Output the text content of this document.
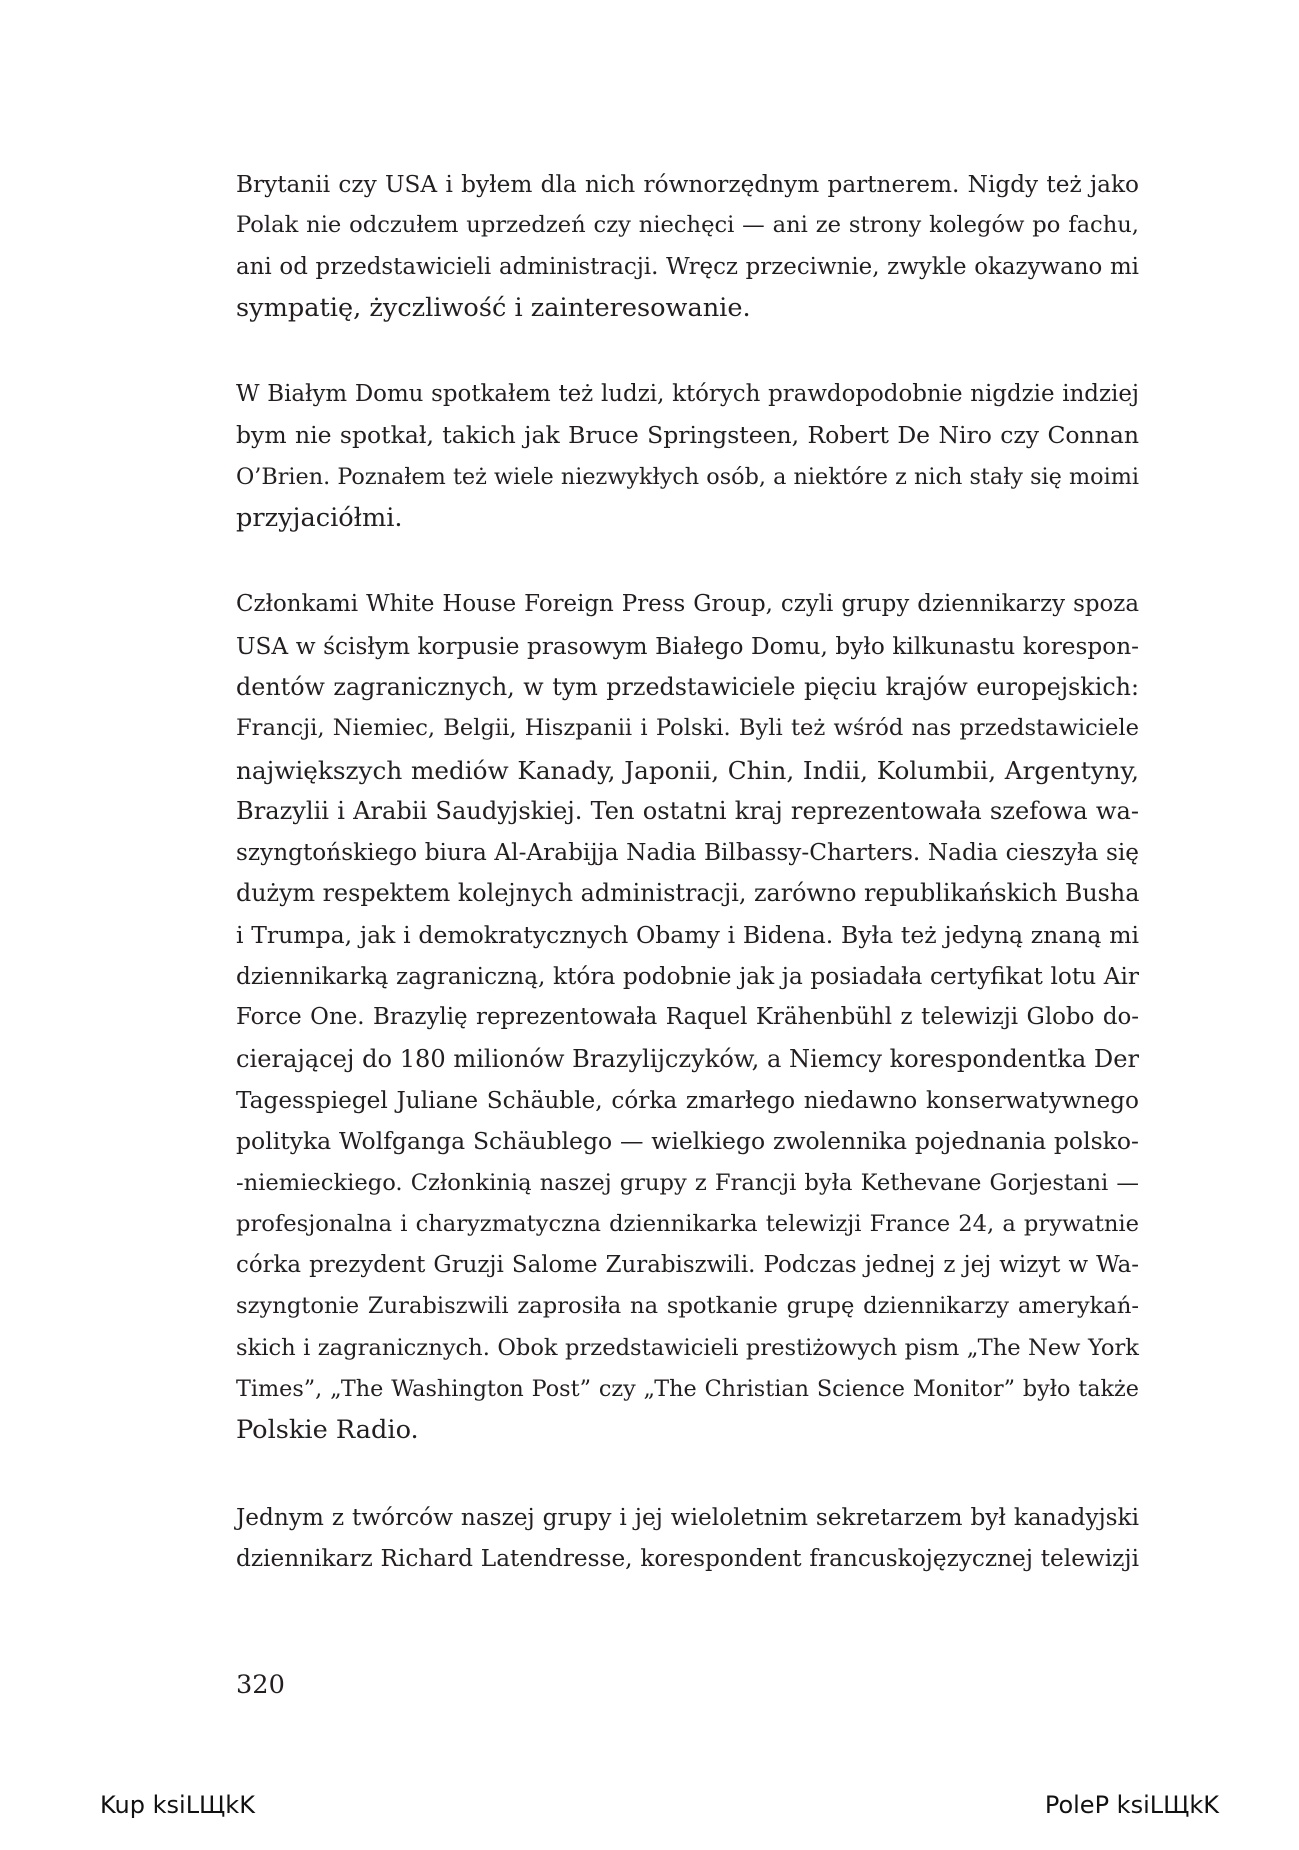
Brytanii czy USA i byłem dla nich równorzędnym partnerem. Nigdy też jako
Polak nie odczułem uprzedzeń czy niechęci — ani ze strony kolegów po fachu,
ani od przedstawicieli administracji. Wręcz przeciwnie, zwykle okazywano mi
sympatię, życzliwość i zainteresowanie.
W Białym Domu spotkałem też ludzi, których prawdopodobnie nigdzie indziej
bym nie spotkał, takich jak Bruce Springsteen, Robert De Niro czy Connan
O’Brien. Poznałem też wiele niezwykłych osób, a niektóre z nich stały się moimi
przyjaciółmi.
Członkami White House Foreign Press Group, czyli grupy dziennikarzy spoza
USA w ścisłym korpusie prasowym Białego Domu, było kilkunastu korespon-
dentów zagranicznych, w tym przedstawiciele pięciu krajów europejskich:
Francji, Niemiec, Belgii, Hiszpanii i Polski. Byli też wśród nas przedstawiciele
największych mediów Kanady, Japonii, Chin, Indii, Kolumbii, Argentyny,
Brazylii i Arabii Saudyjskiej. Ten ostatni kraj reprezentowała szefowa wa-
szyngtońskiego biura Al-Arabijja Nadia Bilbassy-Charters. Nadia cieszyła się
dużym respektem kolejnych administracji, zarówno republikańskich Busha
i Trumpa, jak i demokratycznych Obamy i Bidena. Była też jedyną znaną mi
dziennikarką zagraniczną, która podobnie jak ja posiadała certyfikat lotu Air
Force One. Brazylię reprezentowała Raquel Krähenbühl z telewizji Globo do-
cierającej do 180 milionów Brazylijczyków, a Niemcy korespondentka Der
Tagesspiegel Juliane Schäuble, córka zmarłego niedawno konserwatywnego
polityka Wolfganga Schäublego — wielkiego zwolennika pojednania polsko-
-niemieckiego. Członkinią naszej grupy z Francji była Kethevane Gorjestani —
profesjonalna i charyzmatyczna dziennikarka telewizji France 24, a prywatnie
córka prezydent Gruzji Salome Zurabiszwili. Podczas jednej z jej wizyt w Wa-
szyngtonie Zurabiszwili zaprosiła na spotkanie grupę dziennikarzy amerykań-
skich i zagranicznych. Obok przedstawicieli prestiżowych pism „The New York
Times”, „The Washington Post” czy „The Christian Science Monitor” było także
Polskie Radio.
Jednym z twórców naszej grupy i jej wieloletnim sekretarzem był kanadyjski
dziennikarz Richard Latendresse, korespondent francuskojęzycznej telewizji
320
Kup ksiLЩkK	PoleP ksiLЩkK
